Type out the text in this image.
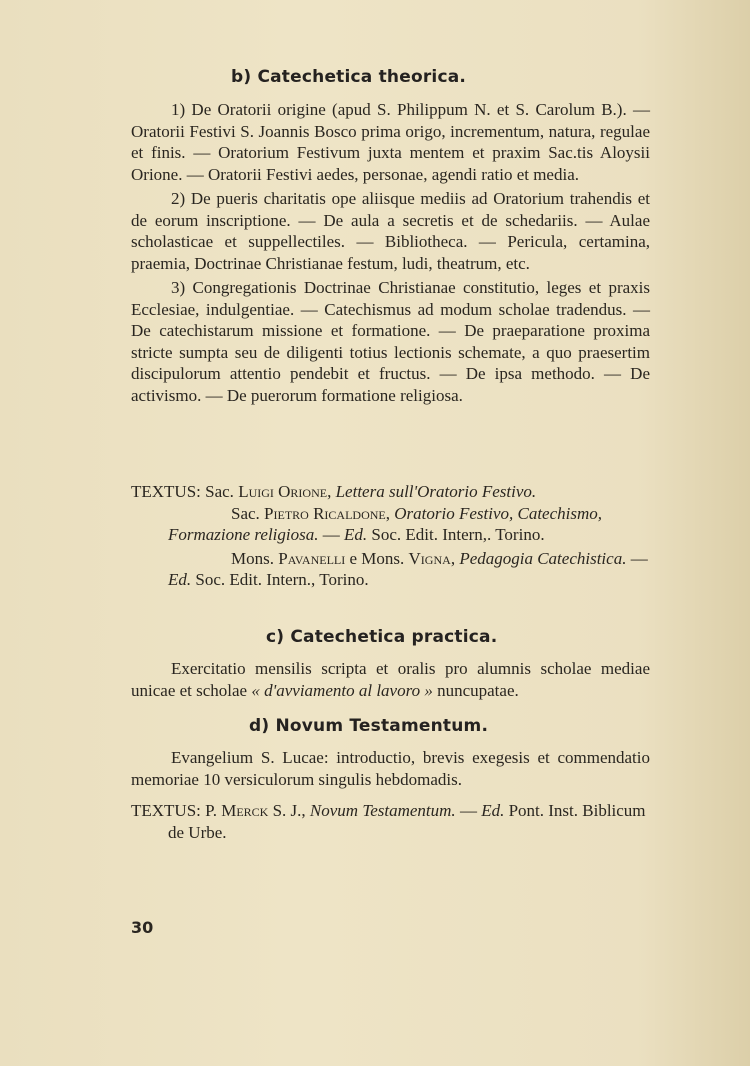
b) Catechetica theorica.

1) De Oratorii origine (apud S. Philippum N. et S. Carolum B.). — Oratorii Festivi S. Joannis Bosco prima origo, incrementum, natura, regulae et finis. — Oratorium Festivum juxta mentem et praxim Sac.tis Aloysii Orione. — Oratorii Festivi aedes, personae, agendi ratio et media.

2) De pueris charitatis ope aliisque mediis ad Oratorium trahendis et de eorum inscriptione. — De aula a secretis et de schedariis. — Aulae scholasticae et suppellectiles. — Bibliotheca. — Pericula, certamina, praemia, Doctrinae Christianae festum, ludi, theatrum, etc.

3) Congregationis Doctrinae Christianae constitutio, leges et praxis Ecclesiae, indulgentiae. — Catechismus ad modum scholae tradendus. — De catechistarum missione et formatione. — De praeparatione proxima stricte sumpta seu de diligenti totius lectionis schemate, a quo praesertim discipulorum attentio pendebit et fructus. — De ipsa methodo. — De activismo. — De puerorum formatione religiosa.

TEXTUS: Sac. Luigi Orione, Lettera sull'Oratorio Festivo.
Sac. Pietro Ricaldone, Oratorio Festivo, Catechismo, Formazione religiosa. — Ed. Soc. Edit. Intern,. Torino.
Mons. Pavanelli e Mons. Vigna, Pedagogia Catechistica. — Ed. Soc. Edit. Intern., Torino.
c) Catechetica practica.

Exercitatio mensilis scripta et oralis pro alumnis scholae mediae unicae et scholae « d'avviamento al lavoro » nuncupatae.

d) Novum Testamentum.

Evangelium S. Lucae: introductio, brevis exegesis et commendatio memoriae 10 versiculorum singulis hebdomadis.

TEXTUS: P. Merck S. J., Novum Testamentum. — Ed. Pont. Inst. Biblicum de Urbe.
30
